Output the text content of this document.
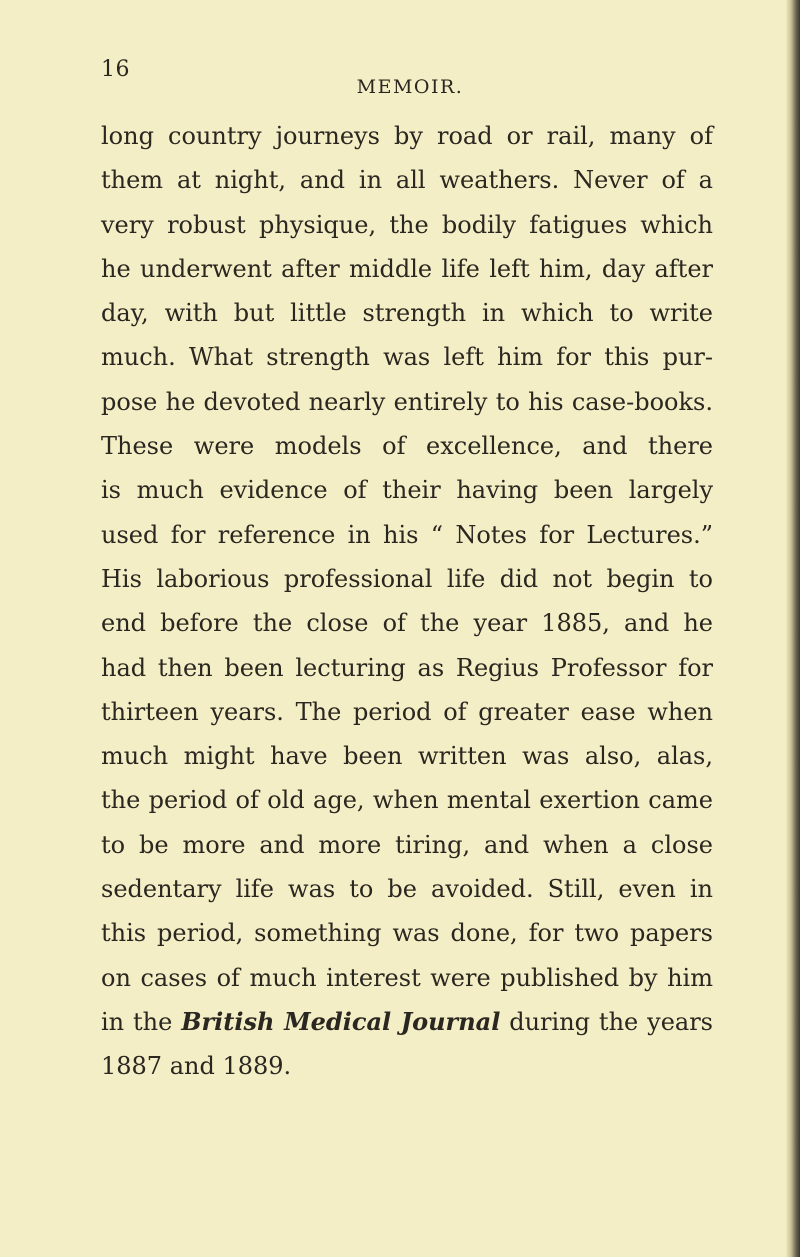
16
MEMOIR.
long country journeys by road or rail, many of
them at night, and in all weathers. Never of a
very robust physique, the bodily fatigues which
he underwent after middle life left him, day after
day, with but little strength in which to write
much. What strength was left him for this pur-
pose he devoted nearly entirely to his case-books.
These were models of excellence, and there
is much evidence of their having been largely
used for reference in his “ Notes for Lectures.”
His laborious professional life did not begin to
end before the close of the year 1885, and he
had then been lecturing as Regius Professor for
thirteen years. The period of greater ease when
much might have been written was also, alas,
the period of old age, when mental exertion came
to be more and more tiring, and when a close
sedentary life was to be avoided. Still, even in
this period, something was done, for two papers
on cases of much interest were published by him
in the British Medical Journal during the years
1887 and 1889.
